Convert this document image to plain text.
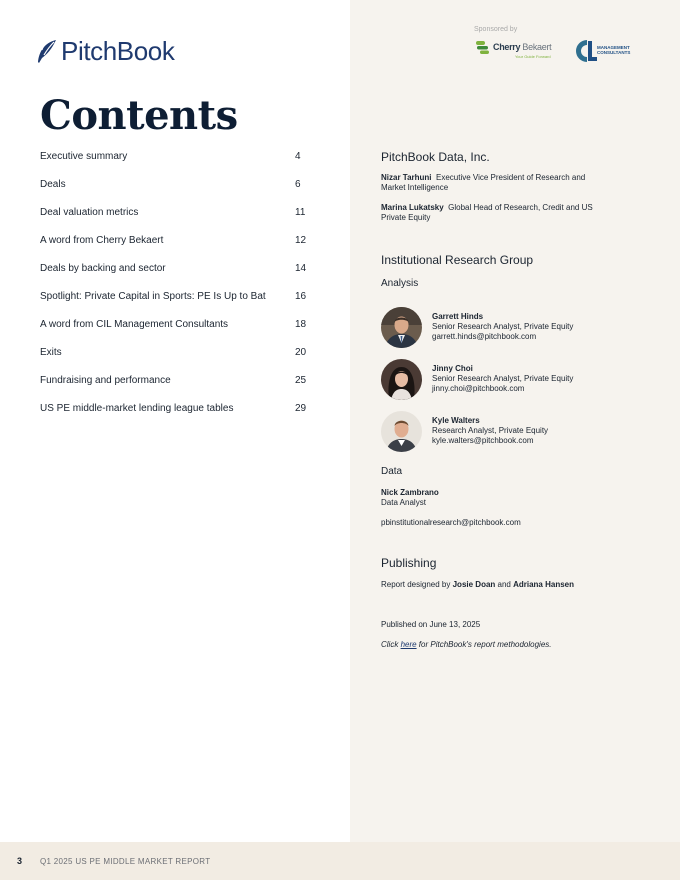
PitchBook
Contents
Executive summary	4
Deals	6
Deal valuation metrics	11
A word from Cherry Bekaert	12
Deals by backing and sector	14
Spotlight: Private Capital in Sports: PE Is Up to Bat	16
A word from CIL Management Consultants	18
Exits	20
Fundraising and performance	25
US PE middle-market lending league tables	29
Sponsored by
Cherry Bekaert
Your Guide Forward
MANAGEMENT
CONSULTANTS
PitchBook Data, Inc.
Nizar Tarhuni Executive Vice President of Research and Market Intelligence
Marina Lukatsky Global Head of Research, Credit and US Private Equity
Institutional Research Group
Analysis
Garrett Hinds
Senior Research Analyst, Private Equity
garrett.hinds@pitchbook.com
Jinny Choi
Senior Research Analyst, Private Equity
jinny.choi@pitchbook.com
Kyle Walters
Research Analyst, Private Equity
kyle.walters@pitchbook.com
Data
Nick Zambrano
Data Analyst
pbinstitutionalresearch@pitchbook.com
Publishing
Report designed by Josie Doan and Adriana Hansen
Published on June 13, 2025
Click here for PitchBook's report methodologies.
3 Q1 2025 US PE MIDDLE MARKET REPORT
